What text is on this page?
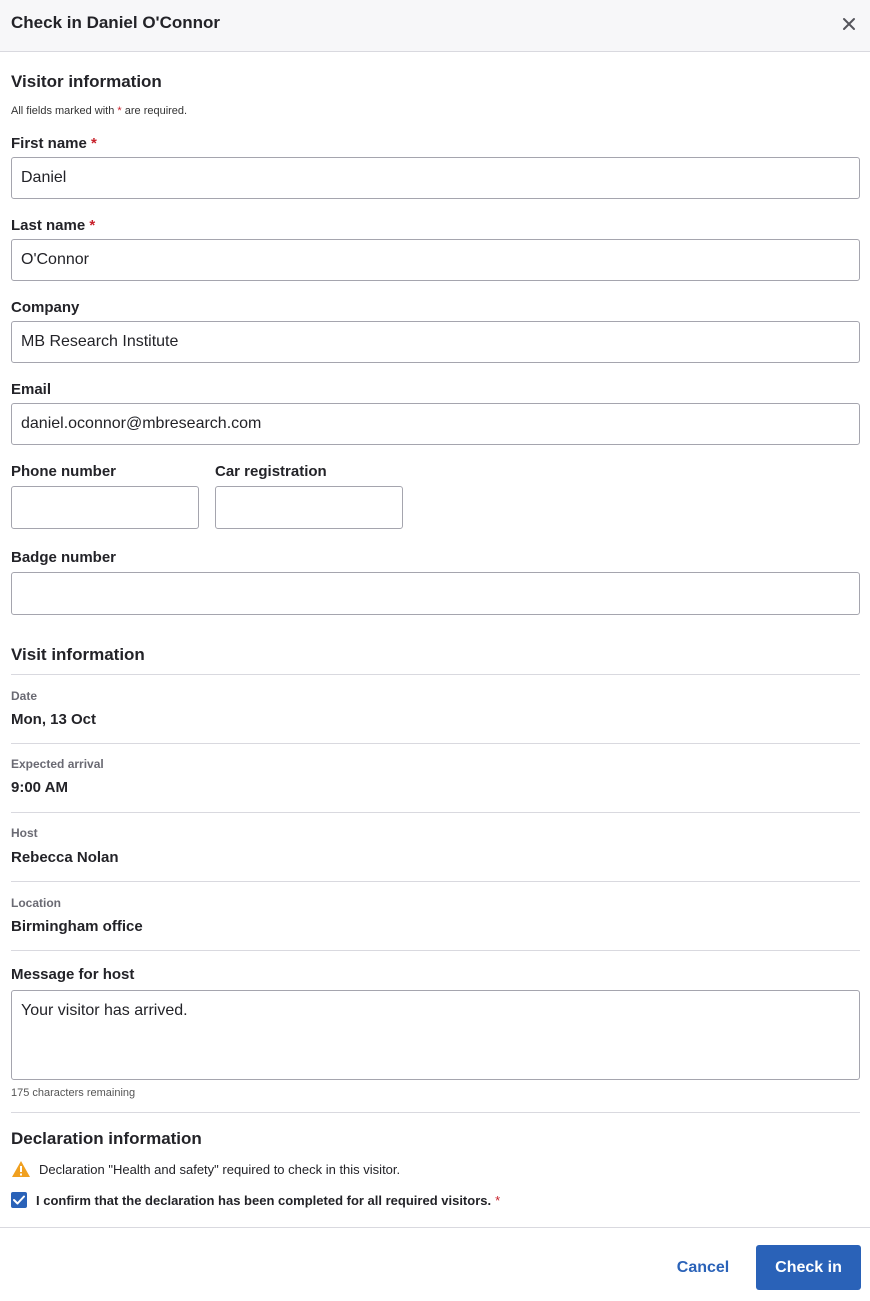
Check in Daniel O'Connor
Visitor information
All fields marked with * are required.
First name *
Daniel
Last name *
O'Connor
Company
MB Research Institute
Email
daniel.oconnor@mbresearch.com
Phone number	Car registration
Badge number
Visit information
Date
Mon, 13 Oct
Expected arrival
9:00 AM
Host
Rebecca Nolan
Location
Birmingham office
Message for host
Your visitor has arrived.
175 characters remaining
Declaration information
Declaration "Health and safety" required to check in this visitor.
I confirm that the declaration has been completed for all required visitors. *
Cancel	Check in
